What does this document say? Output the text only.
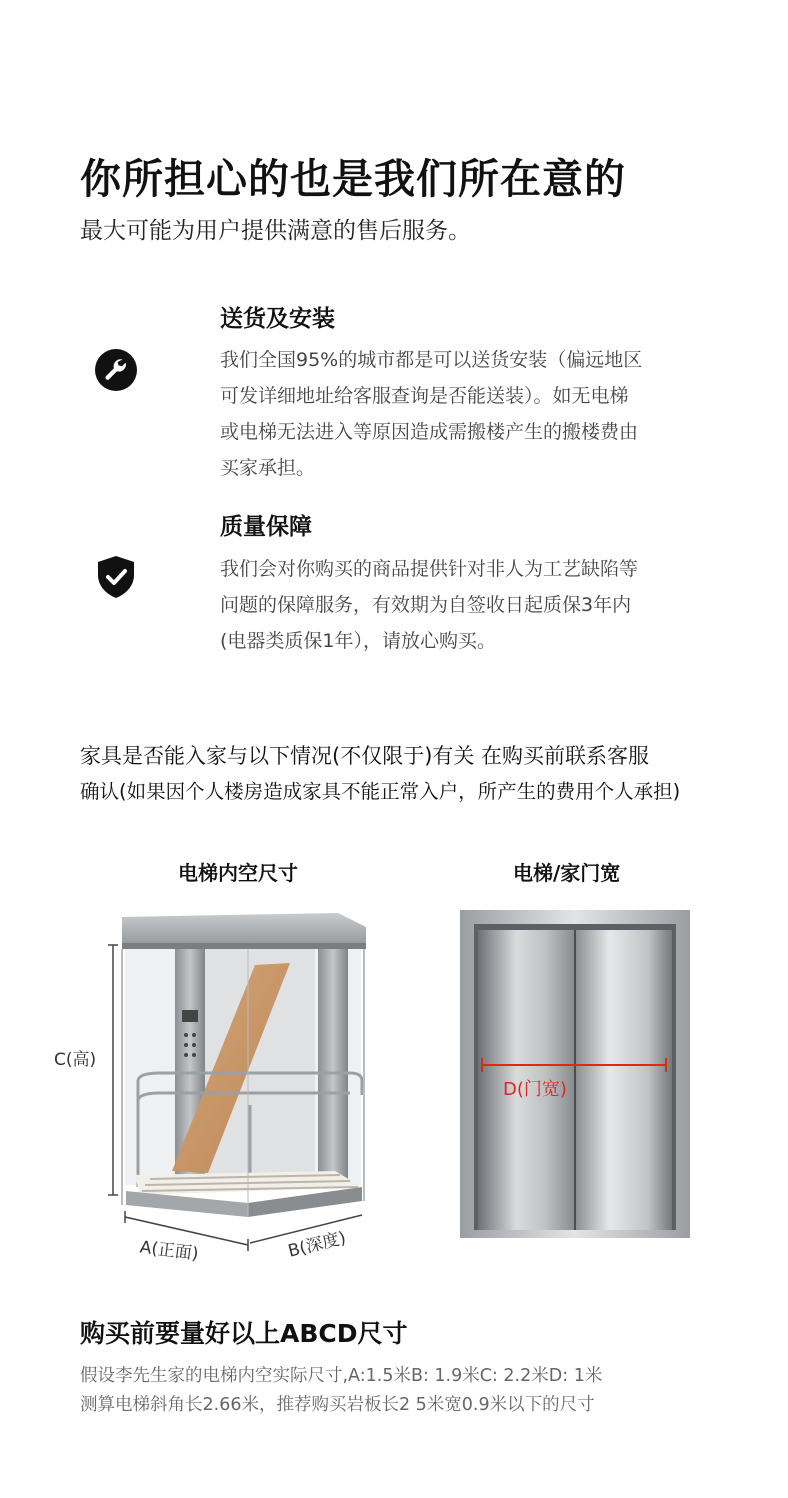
你所担心的也是我们所在意的
最大可能为用户提供满意的售后服务。
送货及安装
我们全国95%的城市都是可以送货安装（偏远地区
可发详细地址给客服查询是否能送装）。如无电梯
或电梯无法进入等原因造成需搬楼产生的搬楼费由
买家承担。
质量保障
我们会对你购买的商品提供针对非人为工艺缺陷等
问题的保障服务，有效期为自签收日起质保3年内
(电器类质保1年），请放心购买。
家具是否能入家与以下情况(不仅限于)有关 在购买前联系客服
确认(如果因个人楼房造成家具不能正常入户，所产生的费用个人承担)
电梯内空尺寸	电梯/家门宽
C(高)
A(正面)	B(深度)
D(门宽)
购买前要量好以上ABCD尺寸
假设李先生家的电梯内空实际尺寸,A:1.5米B: 1.9米C: 2.2米D: 1米
测算电梯斜角长2.66米，推荐购买岩板长2 5米宽0.9米以下的尺寸
